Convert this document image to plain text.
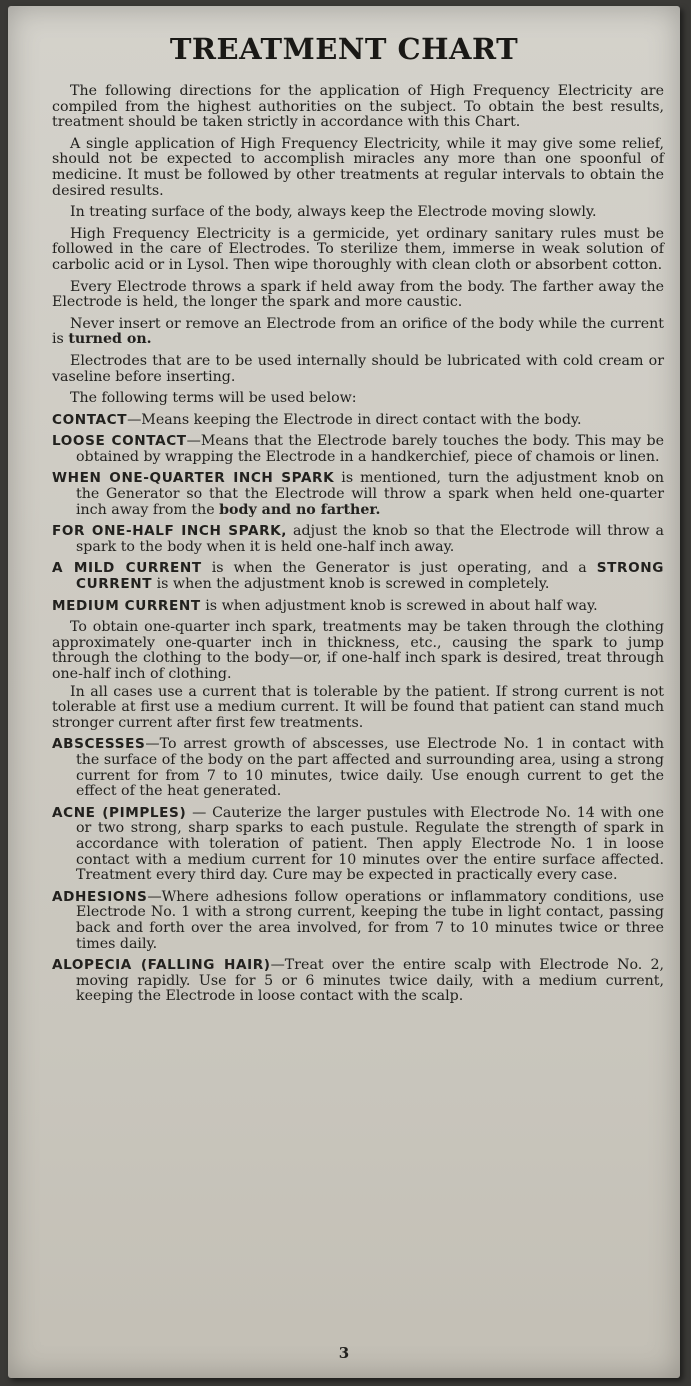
TREATMENT CHART

The following directions for the application of High Frequency Electricity are compiled from the highest authorities on the subject. To obtain the best results, treatment should be taken strictly in accordance with this Chart.

A single application of High Frequency Electricity, while it may give some relief, should not be expected to accomplish miracles any more than one spoonful of medicine. It must be followed by other treatments at regular intervals to obtain the desired results.

In treating surface of the body, always keep the Electrode moving slowly.

High Frequency Electricity is a germicide, yet ordinary sanitary rules must be followed in the care of Electrodes. To sterilize them, immerse in weak solution of carbolic acid or in Lysol. Then wipe thoroughly with clean cloth or absorbent cotton.

Every Electrode throws a spark if held away from the body. The farther away the Electrode is held, the longer the spark and more caustic.

Never insert or remove an Electrode from an orifice of the body while the current is turned on.

Electrodes that are to be used internally should be lubricated with cold cream or vaseline before inserting.

The following terms will be used below:

CONTACT—Means keeping the Electrode in direct contact with the body.

LOOSE CONTACT—Means that the Electrode barely touches the body. This may be obtained by wrapping the Electrode in a handkerchief, piece of chamois or linen.

WHEN ONE-QUARTER INCH SPARK is mentioned, turn the adjustment knob on the Generator so that the Electrode will throw a spark when held one-quarter inch away from the body and no farther.

FOR ONE-HALF INCH SPARK, adjust the knob so that the Electrode will throw a spark to the body when it is held one-half inch away.

A MILD CURRENT is when the Generator is just operating, and a STRONG CURRENT is when the adjustment knob is screwed in completely.

MEDIUM CURRENT is when adjustment knob is screwed in about half way.

To obtain one-quarter inch spark, treatments may be taken through the clothing approximately one-quarter inch in thickness, etc., causing the spark to jump through the clothing to the body—or, if one-half inch spark is desired, treat through one-half inch of clothing.

In all cases use a current that is tolerable by the patient. If strong current is not tolerable at first use a medium current. It will be found that patient can stand much stronger current after first few treatments.

ABSCESSES—To arrest growth of abscesses, use Electrode No. 1 in contact with the surface of the body on the part affected and surrounding area, using a strong current for from 7 to 10 minutes, twice daily. Use enough current to get the effect of the heat generated.

ACNE (PIMPLES) — Cauterize the larger pustules with Electrode No. 14 with one or two strong, sharp sparks to each pustule. Regulate the strength of spark in accordance with toleration of patient. Then apply Electrode No. 1 in loose contact with a medium current for 10 minutes over the entire surface affected. Treatment every third day. Cure may be expected in practically every case.

ADHESIONS—Where adhesions follow operations or inflammatory conditions, use Electrode No. 1 with a strong current, keeping the tube in light contact, passing back and forth over the area involved, for from 7 to 10 minutes twice or three times daily.

ALOPECIA (FALLING HAIR)—Treat over the entire scalp with Electrode No. 2, moving rapidly. Use for 5 or 6 minutes twice daily, with a medium current, keeping the Electrode in loose contact with the scalp.

3
